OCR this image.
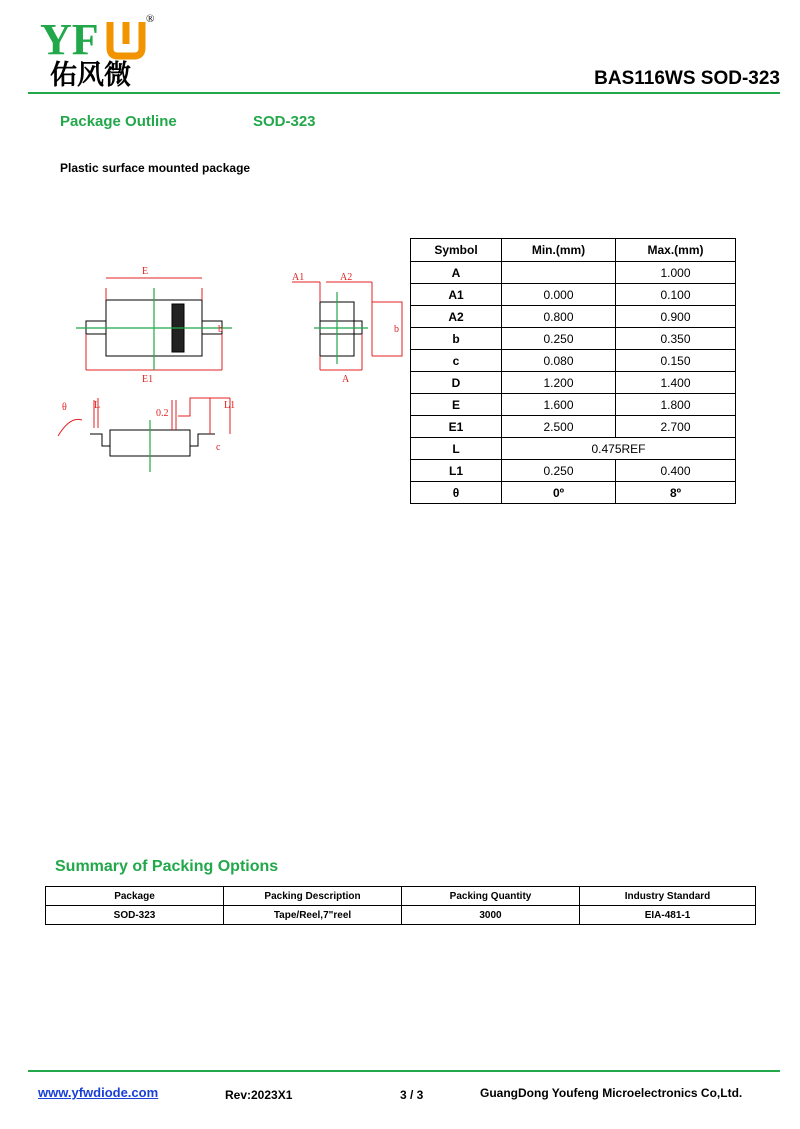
YF	®
佑风微	BAS116WS SOD-323
Package Outline	SOD-323
Plastic surface mounted package
E
E1
A1	A2
A
b
b
θ	L
0.2
L1
c
Symbol	Min.(mm)	Max.(mm)
A		1.000
A1	0.000	0.100
A2	0.800	0.900
b	0.250	0.350
c	0.080	0.150
D	1.200	1.400
E	1.600	1.800
E1	2.500	2.700
L	0.475REF	
L1	0.250	0.400
θ	0º	8º
Summary of Packing Options
Package	Packing Description	Packing Quantity	Industry Standard
SOD-323	Tape/Reel,7"reel	3000	EIA-481-1
www.yfwdiode.com	Rev:2023X1	3 / 3	GuangDong Youfeng Microelectronics Co,Ltd.
